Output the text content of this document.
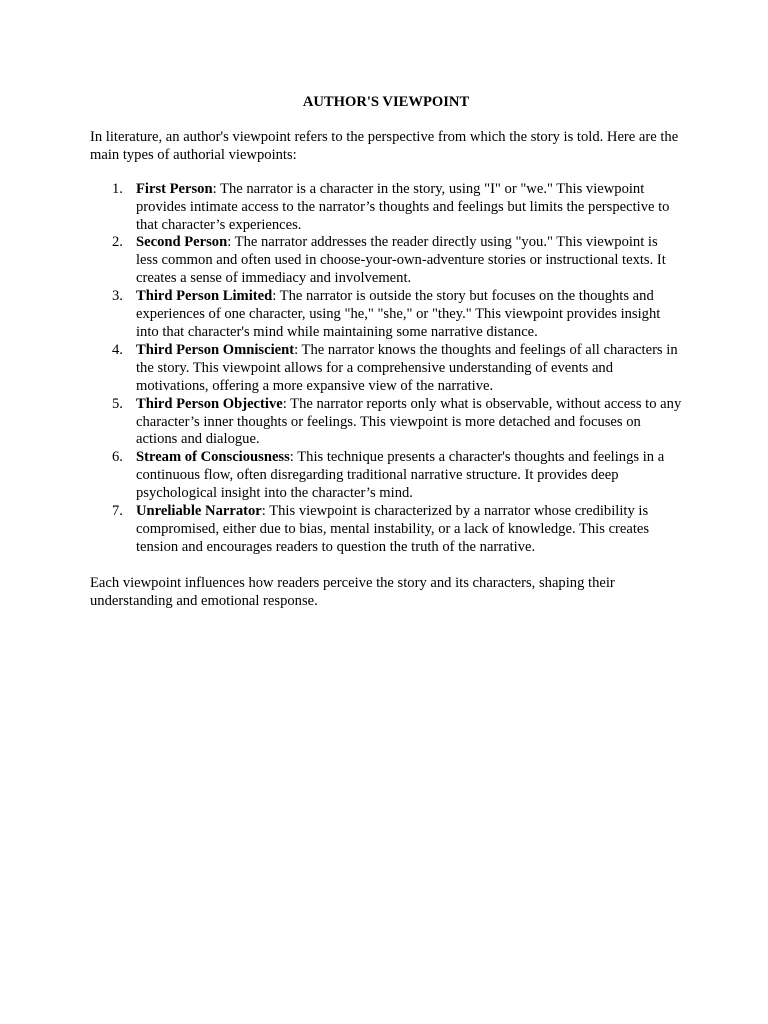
AUTHOR'S VIEWPOINT

In literature, an author's viewpoint refers to the perspective from which the story is told. Here are the main types of authorial viewpoints:

1. First Person: The narrator is a character in the story, using "I" or "we." This viewpoint provides intimate access to the narrator’s thoughts and feelings but limits the perspective to that character’s experiences.
2. Second Person: The narrator addresses the reader directly using "you." This viewpoint is less common and often used in choose-your-own-adventure stories or instructional texts. It creates a sense of immediacy and involvement.
3. Third Person Limited: The narrator is outside the story but focuses on the thoughts and experiences of one character, using "he," "she," or "they." This viewpoint provides insight into that character's mind while maintaining some narrative distance.
4. Third Person Omniscient: The narrator knows the thoughts and feelings of all characters in the story. This viewpoint allows for a comprehensive understanding of events and motivations, offering a more expansive view of the narrative.
5. Third Person Objective: The narrator reports only what is observable, without access to any character’s inner thoughts or feelings. This viewpoint is more detached and focuses on actions and dialogue.
6. Stream of Consciousness: This technique presents a character's thoughts and feelings in a continuous flow, often disregarding traditional narrative structure. It provides deep psychological insight into the character’s mind.
7. Unreliable Narrator: This viewpoint is characterized by a narrator whose credibility is compromised, either due to bias, mental instability, or a lack of knowledge. This creates tension and encourages readers to question the truth of the narrative.

Each viewpoint influences how readers perceive the story and its characters, shaping their understanding and emotional response.
